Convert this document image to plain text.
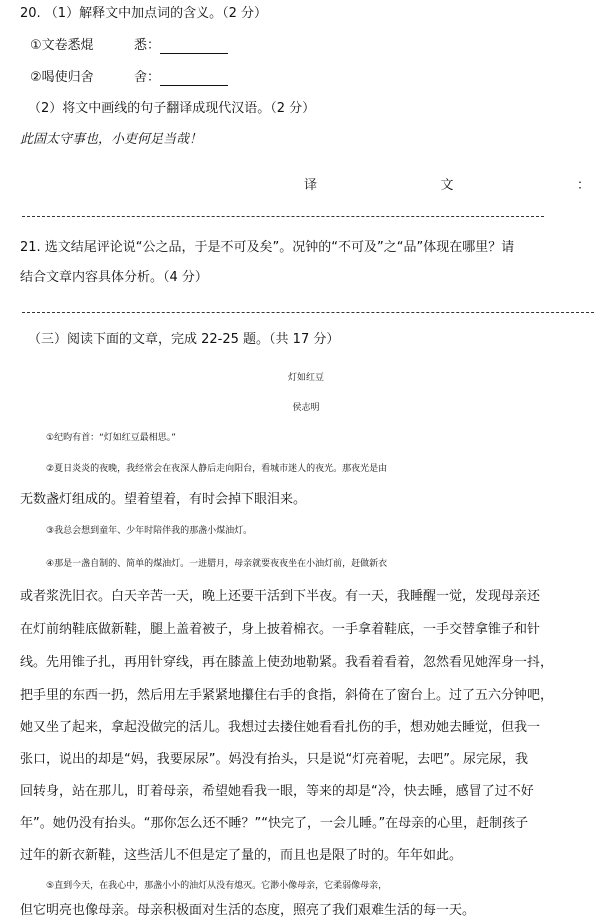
20. （1）解释文中加点词的含义。（2 分）
①文卷悉焜	悉：
②喝使归舍	舍：
（2）将文中画线的句子翻译成现代汉语。（2 分）
此固太守事也，小吏何足当哉！
译	文	：
21. 选文结尾评论说“公之品，于是不可及矣”。况钟的“不可及”之“品”体现在哪里？请
结合文章内容具体分析。（4 分）
（三）阅读下面的文章，完成 22-25 题。（共 17 分）
灯如红豆
侯志明
①纪昀有首：“灯如红豆最相思。”
②夏日炎炎的夜晚，我经常会在夜深人静后走向阳台，看城市迷人的夜光。那夜光是由
无数盏灯组成的。望着望着，有时会掉下眼泪来。
③我总会想到童年、少年时陪伴我的那盏小煤油灯。
④那是一盏自制的、简单的煤油灯。一进腊月，母亲就要夜夜坐在小油灯前，赶做新衣
或者浆洗旧衣。白天辛苦一天，晚上还要干活到下半夜。有一天，我睡醒一觉，发现母亲还
在灯前纳鞋底做新鞋，腿上盖着被子，身上披着棉衣。一手拿着鞋底，一手交替拿锥子和针
线。先用锥子扎，再用针穿线，再在膝盖上使劲地勒紧。我看着看着，忽然看见她浑身一抖，
把手里的东西一扔，然后用左手紧紧地攥住右手的食指，斜倚在了窗台上。过了五六分钟吧，
她又坐了起来，拿起没做完的活儿。我想过去搂住她看看扎伤的手，想劝她去睡觉，但我一
张口，说出的却是“妈，我要尿尿”。妈没有抬头，只是说“灯亮着呢，去吧”。尿完尿，我
回转身，站在那儿，盯着母亲，希望她看我一眼，等来的却是“冷，快去睡，感冒了过不好
年”。她仍没有抬头。“那你怎么还不睡？”“快完了，一会儿睡。”在母亲的心里，赶制孩子
过年的新衣新鞋，这些活儿不但是定了量的，而且也是限了时的。年年如此。
⑤直到今天，在我心中，那盏小小的油灯从没有熄灭。它渺小像母亲，它柔弱像母亲，
但它明亮也像母亲。母亲积极面对生活的态度，照亮了我们艰难生活的每一天。
